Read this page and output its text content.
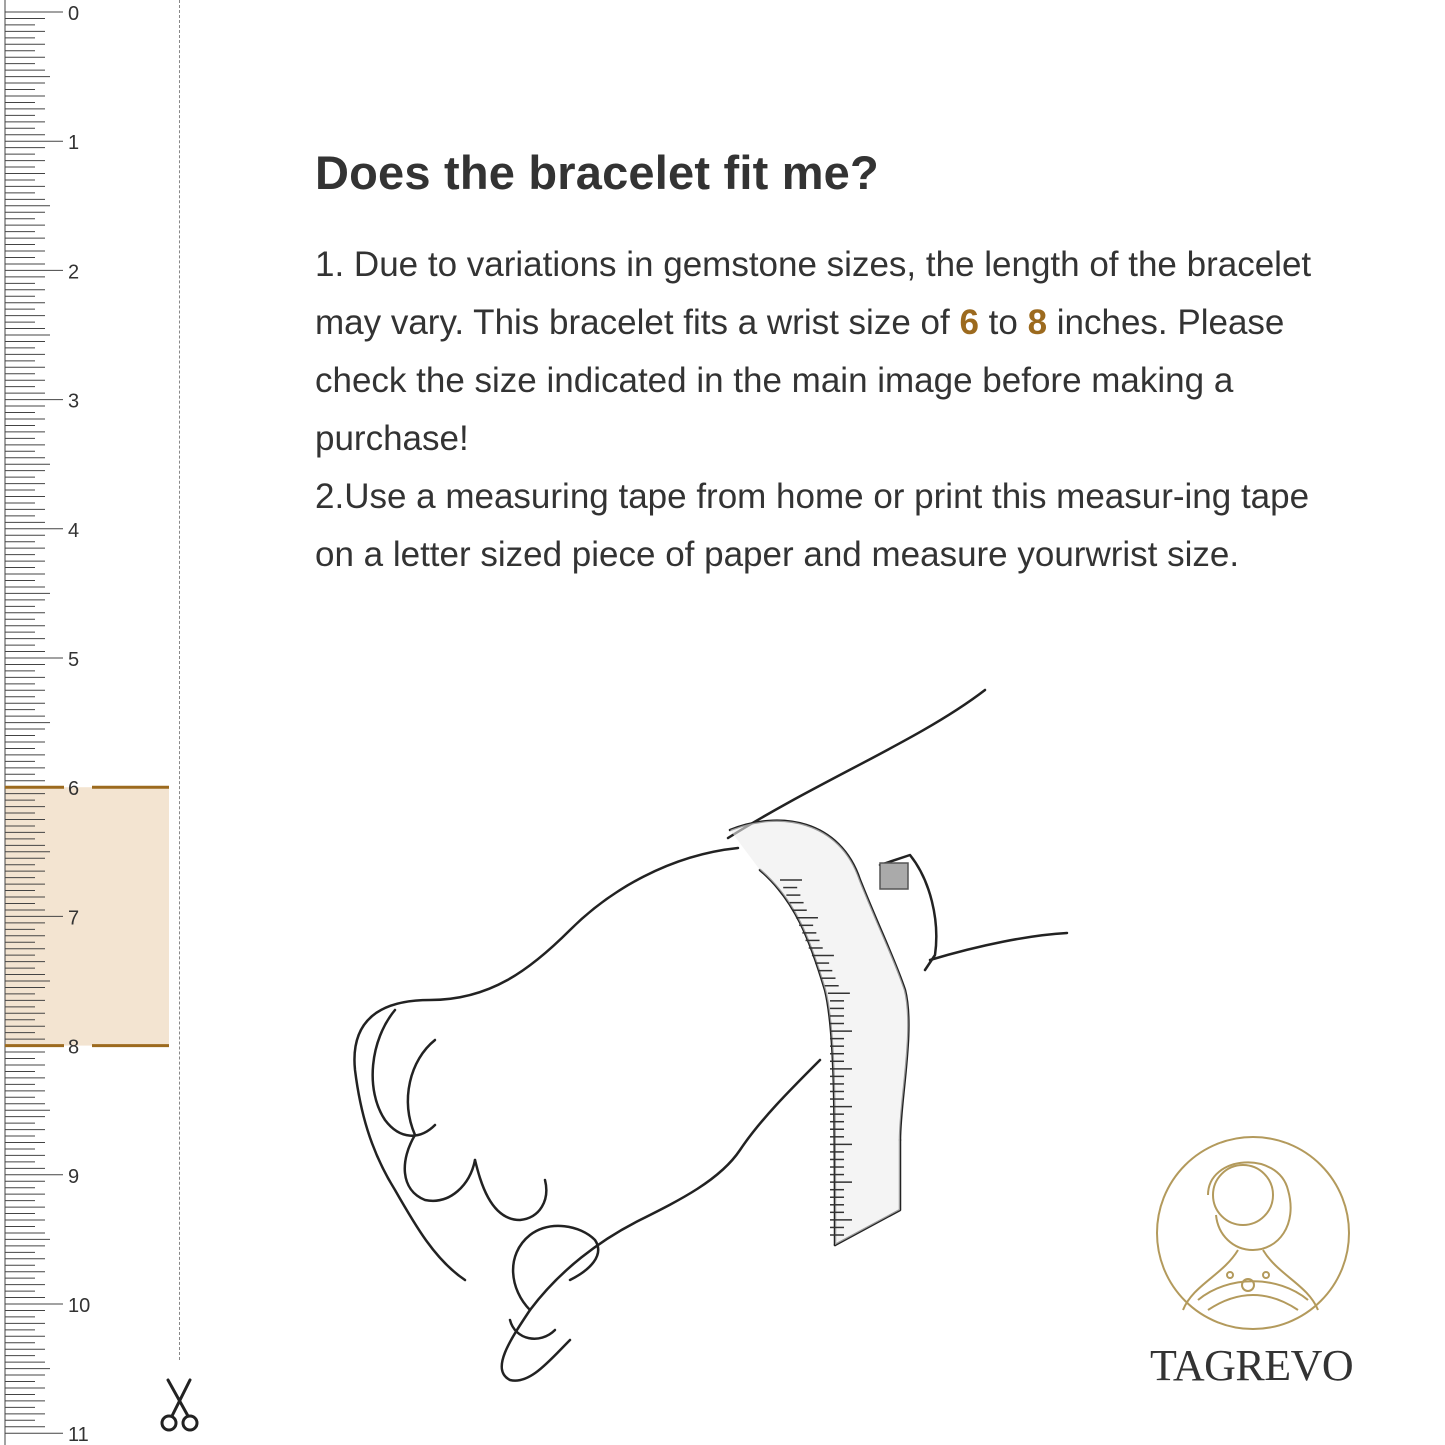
0
1
2
3
4
5
6
7
8
9
10
11
Does the bracelet fit me?

1. Due to variations in gemstone sizes, the length of the bracelet may vary. This bracelet fits a wrist size of 6 to 8 inches. Please check the size indicated in the main image before making a purchase!
2.Use a measuring tape from home or print this measur-ing tape on a letter sized piece of paper and measure yourwrist size.

TAGREVO
